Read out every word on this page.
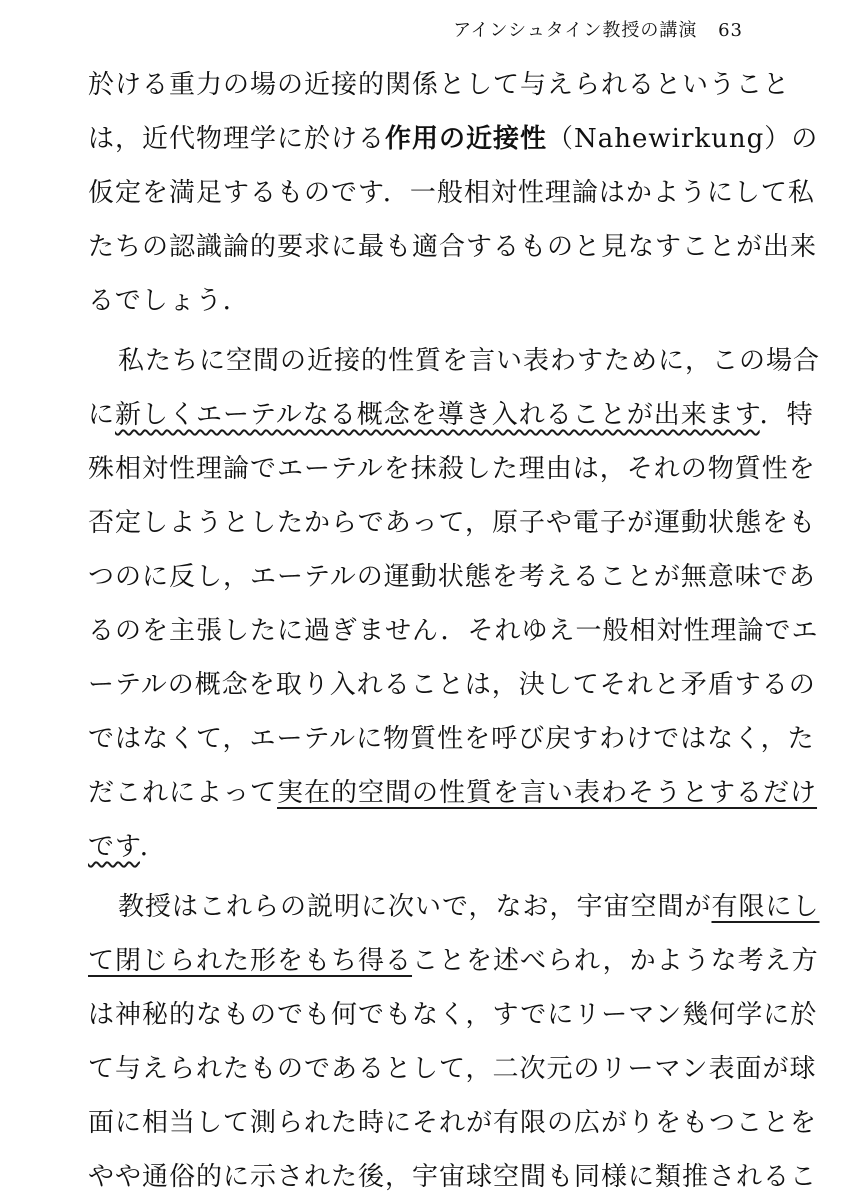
アインシュタイン教授の講演 63
於ける重力の場の近接的関係として与えられるということ
は，近代物理学に於ける作用の近接性（Nahewirkung）の
仮定を満足するものです．一般相対性理論はかようにして私
たちの認識論的要求に最も適合するものと見なすことが出来
るでしょう．
私たちに空間の近接的性質を言い表わすために，この場合
に新しくエーテルなる概念を導き入れることが出来ます．特
殊相対性理論でエーテルを抹殺した理由は，それの物質性を
否定しようとしたからであって，原子や電子が運動状態をも
つのに反し，エーテルの運動状態を考えることが無意味であ
るのを主張したに過ぎません．それゆえ一般相対性理論でエ
ーテルの概念を取り入れることは，決してそれと矛盾するの
ではなくて，エーテルに物質性を呼び戻すわけではなく，た
だこれによって実在的空間の性質を言い表わそうとするだけ
です．
教授はこれらの説明に次いで，なお，宇宙空間が有限にし
て閉じられた形をもち得ることを述べられ，かような考え方
は神秘的なものでも何でもなく，すでにリーマン幾何学に於
て与えられたものであるとして，二次元のリーマン表面が球
面に相当して測られた時にそれが有限の広がりをもつことを
やや通俗的に示された後，宇宙球空間も同様に類推されるこ
